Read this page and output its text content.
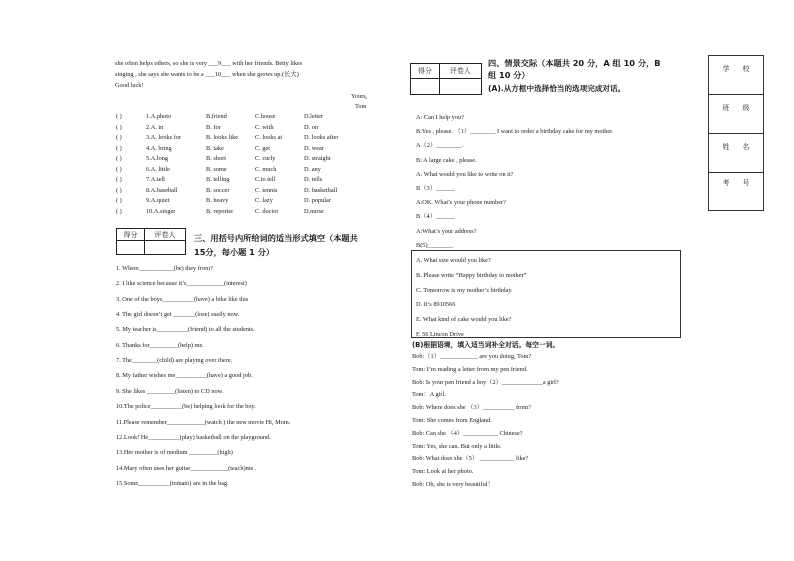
she often helps others, so she is very ___9___ with her friends. Betty likes
singing , she says she wants to be a ___10___ when she grows up.(长大)
Good luck!
Yours,
Tom
( )	1.A.photo	B.friend	C.house	D.letter
( )	2.A. in	B. for	C. with	D. on
( )	3.A. looks for	B. looks like	C. looks at	D. looks after
( )	4.A. bring	B. take	C. get	D. wear
( )	5.A.long	B. short	C. curly	D. straight
( )	6.A. little	B. some	C. much	D. any
( )	7.A.tell	B. telling	C.to tell	D. tells
( )	8.A.baseball	B. soccer	C. tennis	D. basketball
( )	9.A.quiet	B. heavy	C. lazy	D. popular
( )	10.A.singer	B. reporter	C. doctor	D.nurse
得分	评卷人
	三、用括号内所给词的适当形式填空（本题共
15分，每小题 1 分）
1. Where___________(be) they from?
2. I like science because it’s____________(interest)
3. One of the boys__________(have) a bike like this
4. The girl doesn’t get _______(lose) easily now.
5. My teacher is__________(friend) to all the students.
6. Thanks for_________(help) me.
7. The________(child) are playing over there.
8. My father wishes me__________(have) a good job.
9. She likes _________(listen) to CD now.
10.The police__________(be) helping look for the boy.
11.Please remember____________(watch ) the new movie Hi, Mom.
12.Look! He__________(play) basketball on the playground.
13.Her mother is of medium _________(high)
14.Mary often uses her guitar____________(teach)me .
15.Some__________(tomato) are in the bag.
得分	评卷人

四、情景交际（本题共 20 分，A 组 10 分，B
组 10 分）
(A).从方框中选择恰当的选项完成对话。
A: Can I help you?
B.Yes , please. （1）________ I want to order a birthday cake for my mother.
A（2）________.
B: A large cake , please.
A: What would you like to write on it?
B（3）______
A:OK. What’s your phone number?
B（4）______
A:What’s your address?
B(5)________
A. What size would you like?
B. Please write “Happy birthday to mother”
C. Tomorrow is my mother’s birthday.
D. It’s 8910566
E. What kind of cake would you like?
F. 56 Lincon Drive
(B)根据语境，填入适当词补全对话。每空一词。
Bob:（1）____________ are you doing, Tom?
Tom: I’m reading a letter from my pen friend.
Bob: Is your pen friend a boy（2）_____________a girl?
Tom：A girl.
Bob: Where does she （3）__________ from?
Tom: She comes from England.
Bob: Can she （4）___________ Chinese?
Tom: Yes, she can. But only a little.
Bob: What does she（5） ___________ like?
Tom: Look at her photo.
Bob: Oh, she is very beautiful！
学校
班级
姓名
考号
